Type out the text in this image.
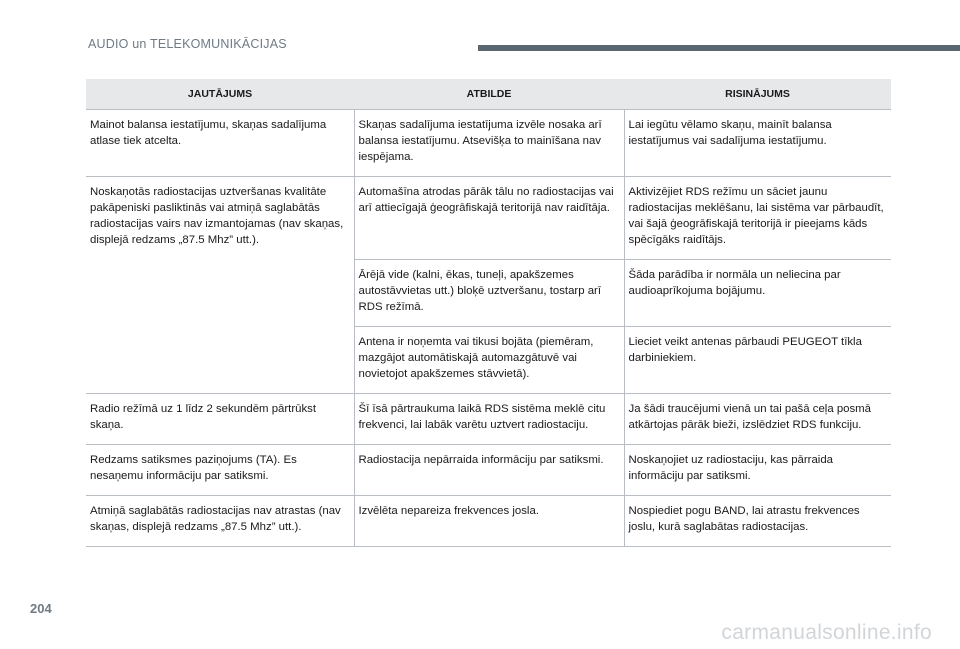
AUDIO un TELEKOMUNIKĀCIJAS
JAUTĀJUMS	ATBILDE	RISINĀJUMS
Mainot balansa iestatījumu, skaņas sadalījuma atlase tiek atcelta.	Skaņas sadalījuma iestatījuma izvēle nosaka arī balansa iestatījumu. Atsevišķa to mainīšana nav iespējama.	Lai iegūtu vēlamo skaņu, mainīt balansa iestatījumus vai sadalījuma iestatījumu.
Noskaņotās radiostacijas uztveršanas kvalitāte pakāpeniski pasliktinās vai atmiņā saglabātās radiostacijas vairs nav izmantojamas (nav skaņas, displejā redzams „87.5 Mhz” utt.).	Automašīna atrodas pārāk tālu no radiostacijas vai arī attiecīgajā ģeogrāfiskajā teritorijā nav raidītāja.	Aktivizējiet RDS režīmu un sāciet jaunu radiostacijas meklēšanu, lai sistēma var pārbaudīt, vai šajā ģeogrāfiskajā teritorijā ir pieejams kāds spēcīgāks raidītājs.
	Ārējā vide (kalni, ēkas, tuneļi, apakšzemes autostāvvietas utt.) bloķē uztveršanu, tostarp arī RDS režīmā.	Šāda parādība ir normāla un neliecina par audioaprīkojuma bojājumu.
	Antena ir noņemta vai tikusi bojāta (piemēram, mazgājot automātiskajā automazgātuvē vai novietojot apakšzemes stāvvietā).	Lieciet veikt antenas pārbaudi PEUGEOT tīkla darbiniekiem.
Radio režīmā uz 1 līdz 2 sekundēm pārtrūkst skaņa.	Šī īsā pārtraukuma laikā RDS sistēma meklē citu frekvenci, lai labāk varētu uztvert radiostaciju.	Ja šādi traucējumi vienā un tai pašā ceļa posmā atkārtojas pārāk bieži, izslēdziet RDS funkciju.
Redzams satiksmes paziņojums (TA). Es nesaņemu informāciju par satiksmi.	Radiostacija nepārraida informāciju par satiksmi.	Noskaņojiet uz radiostaciju, kas pārraida informāciju par satiksmi.
Atmiņā saglabātās radiostacijas nav atrastas (nav skaņas, displejā redzams „87.5 Mhz” utt.).	Izvēlēta nepareiza frekvences josla.	Nospiediet pogu BAND, lai atrastu frekvences joslu, kurā saglabātas radiostacijas.
204
carmanualsonline.info
